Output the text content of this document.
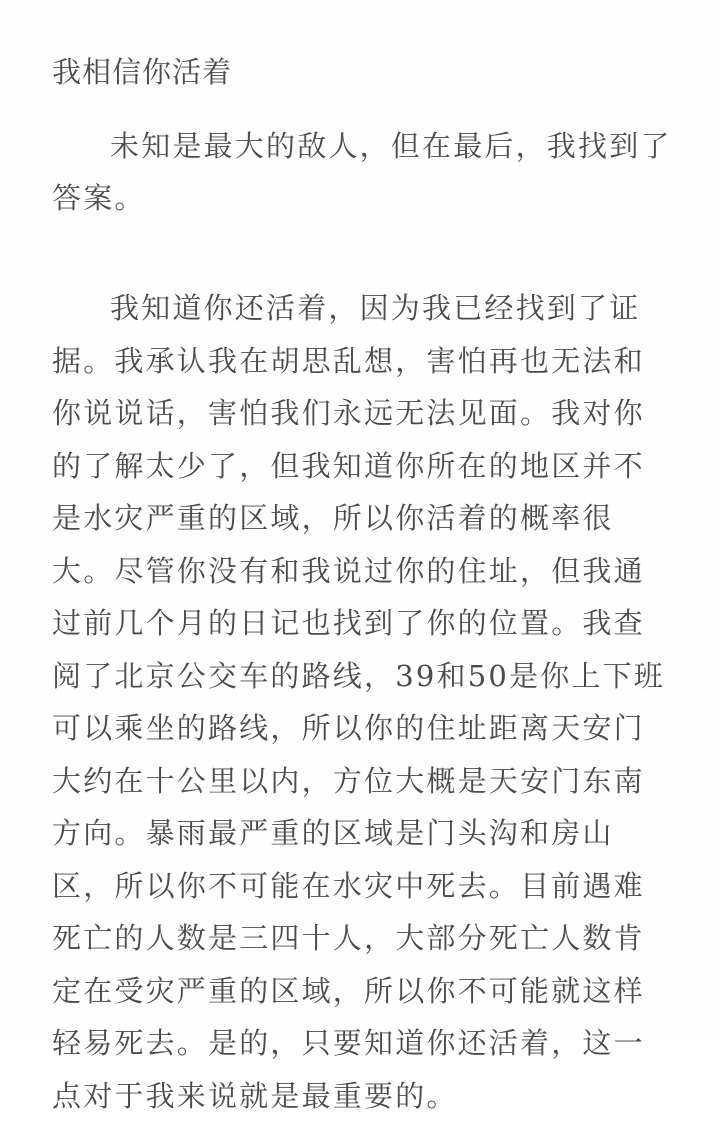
我相信你活着

未知是最大的敌人，但在最后，我找到了答案。

我知道你还活着，因为我已经找到了证据。我承认我在胡思乱想，害怕再也无法和你说说话，害怕我们永远无法见面。我对你的了解太少了，但我知道你所在的地区并不是水灾严重的区域，所以你活着的概率很大。尽管你没有和我说过你的住址，但我通过前几个月的日记也找到了你的位置。我查阅了北京公交车的路线，39和50是你上下班可以乘坐的路线，所以你的住址距离天安门大约在十公里以内，方位大概是天安门东南方向。暴雨最严重的区域是门头沟和房山区，所以你不可能在水灾中死去。目前遇难死亡的人数是三四十人，大部分死亡人数肯定在受灾严重的区域，所以你不可能就这样轻易死去。是的，只要知道你还活着，这一点对于我来说就是最重要的。
